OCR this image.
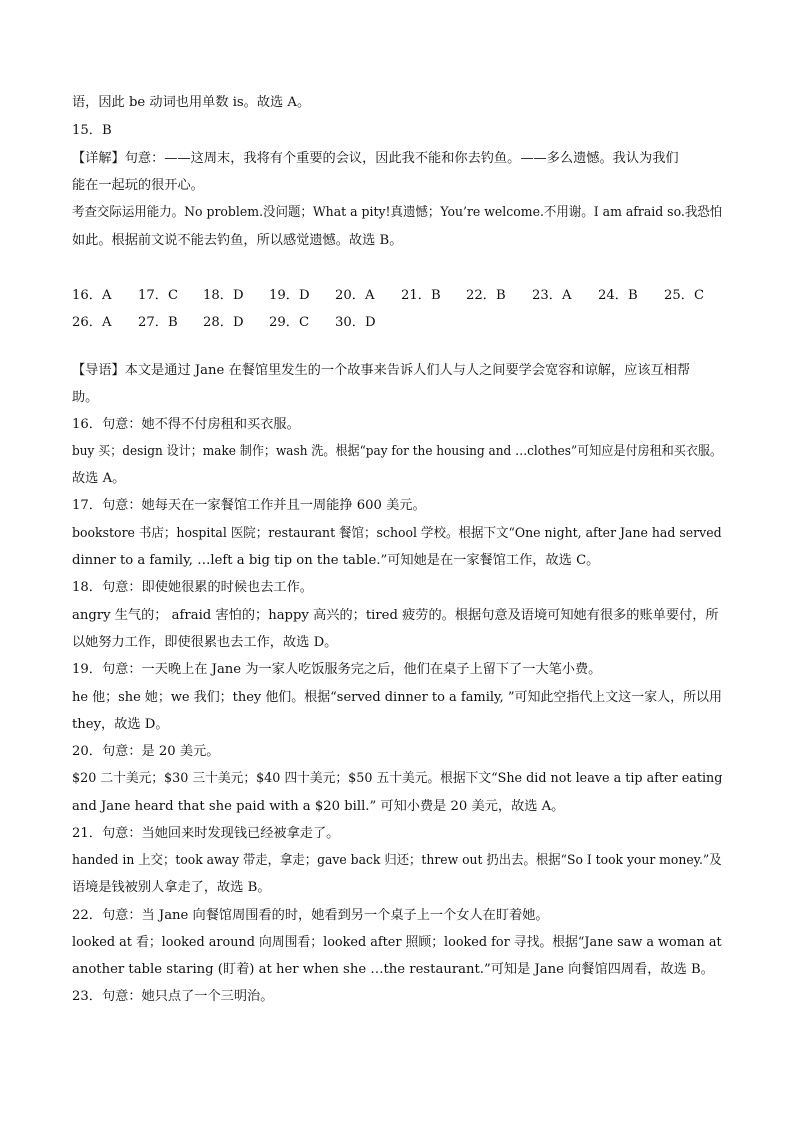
语，因此 be 动词也用单数 is。故选 A。
15．B
【详解】句意：——这周末，我将有个重要的会议，因此我不能和你去钓鱼。——多么遗憾。我认为我们
能在一起玩的很开心。
考查交际运用能力。No problem.没问题；What a pity!真遗憾；You’re welcome.不用谢。I am afraid so.我恐怕
如此。根据前文说不能去钓鱼，所以感觉遗憾。故选 B。
16．A 17．C 18．D 19．D 20．A 21．B 22．B 23．A 24．B 25．C
26．A 27．B 28．D 29．C 30．D
【导语】本文是通过 Jane 在餐馆里发生的一个故事来告诉人们人与人之间要学会宽容和谅解，应该互相帮
助。
16．句意：她不得不付房租和买衣服。
buy 买；design 设计；make 制作；wash 洗。根据“pay for the housing and …clothes”可知应是付房租和买衣服。
故选 A。
17．句意：她每天在一家餐馆工作并且一周能挣 600 美元。
bookstore 书店；hospital 医院；restaurant 餐馆；school 学校。根据下文“One night, after Jane had served
dinner to a family, …left a big tip on the table.”可知她是在一家餐馆工作，故选 C。
18．句意：即使她很累的时候也去工作。
angry 生气的； afraid 害怕的；happy 高兴的；tired 疲劳的。根据句意及语境可知她有很多的账单要付，所
以她努力工作，即使很累也去工作，故选 D。
19．句意：一天晚上在 Jane 为一家人吃饭服务完之后，他们在桌子上留下了一大笔小费。
he 他；she 她；we 我们；they 他们。根据“served dinner to a family, ”可知此空指代上文这一家人，所以用
they，故选 D。
20．句意：是 20 美元。
$20 二十美元；$30 三十美元；$40 四十美元；$50 五十美元。根据下文“She did not leave a tip after eating
and Jane heard that she paid with a $20 bill.” 可知小费是 20 美元，故选 A。
21．句意：当她回来时发现钱已经被拿走了。
handed in 上交；took away 带走，拿走；gave back 归还；threw out 扔出去。根据“So I took your money.”及
语境是钱被别人拿走了，故选 B。
22．句意：当 Jane 向餐馆周围看的时，她看到另一个桌子上一个女人在盯着她。
looked at 看；looked around 向周围看；looked after 照顾；looked for 寻找。根据“Jane saw a woman at
another table staring (盯着) at her when she …the restaurant.”可知是 Jane 向餐馆四周看，故选 B。
23．句意：她只点了一个三明治。
